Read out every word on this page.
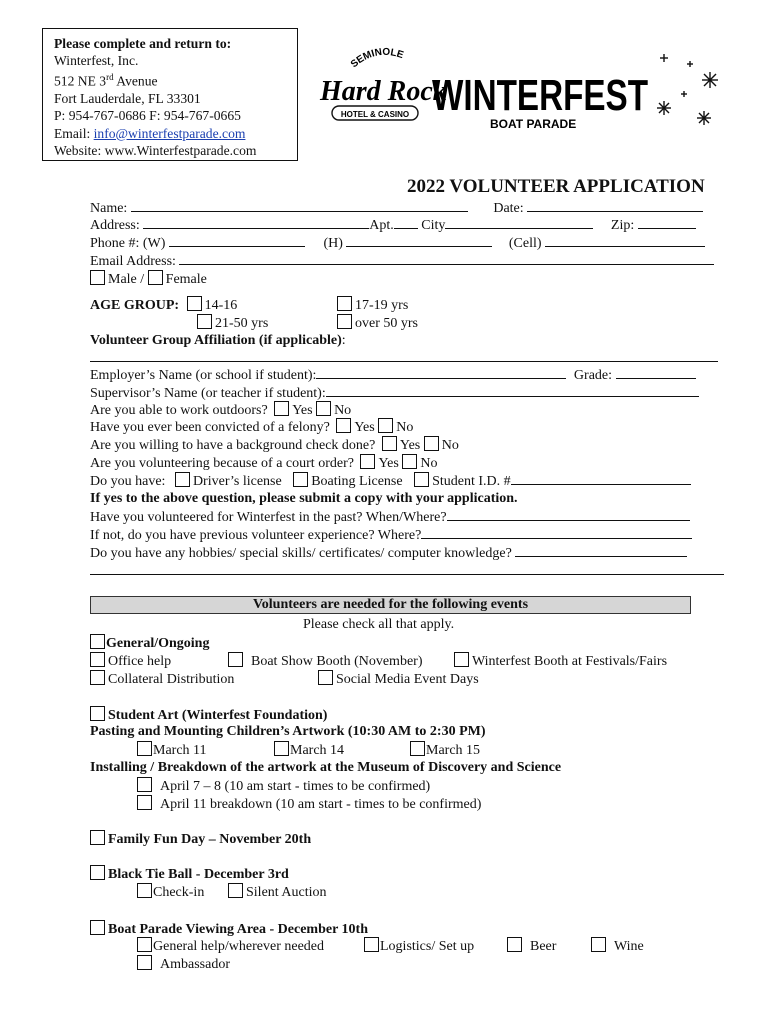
Please complete and return to:
Winterfest, Inc.
512 NE 3rd Avenue
Fort Lauderdale, FL 33301
P: 954-767-0686 F: 954-767-0665
Email: info@winterfestparade.com
Website: www.Winterfestparade.com
SEMINOLE
Hard Rock
HOTEL & CASINO WINTERFEST
BOAT PARADE
2022 VOLUNTEER APPLICATION
Name:	Date:
Address:	Apt. City	Zip:
Phone #: (W)	(H)	(Cell)
Email Address:
Male / Female
AGE GROUP: 14-16	17-19 yrs
21-50 yrs	over 50 yrs
Volunteer Group Affiliation (if applicable):
Employer’s Name (or school if student):	Grade:
Supervisor’s Name (or teacher if student):
Are you able to work outdoors? Yes No
Have you ever been convicted of a felony? Yes No
Are you willing to have a background check done? Yes No
Are you volunteering because of a court order? Yes No
Do you have: Driver’s license Boating License Student I.D. #
If yes to the above question, please submit a copy with your application.
Have you volunteered for Winterfest in the past? When/Where?
If not, do you have previous volunteer experience? Where?
Do you have any hobbies/ special skills/ certificates/ computer knowledge?
Volunteers are needed for the following events
Please check all that apply.
General/Ongoing
Office help	Boat Show Booth (November)	Winterfest Booth at Festivals/Fairs
Collateral Distribution	Social Media Event Days
Student Art (Winterfest Foundation)
Pasting and Mounting Children’s Artwork (10:30 AM to 2:30 PM)
March 11	March 14	March 15
Installing / Breakdown of the artwork at the Museum of Discovery and Science
April 7 – 8 (10 am start - times to be confirmed)
April 11 breakdown (10 am start - times to be confirmed)
Family Fun Day – November 20th
Black Tie Ball - December 3rd
Check-in	Silent Auction
Boat Parade Viewing Area - December 10th
General help/wherever needed	Logistics/ Set up	Beer	Wine
Ambassador
